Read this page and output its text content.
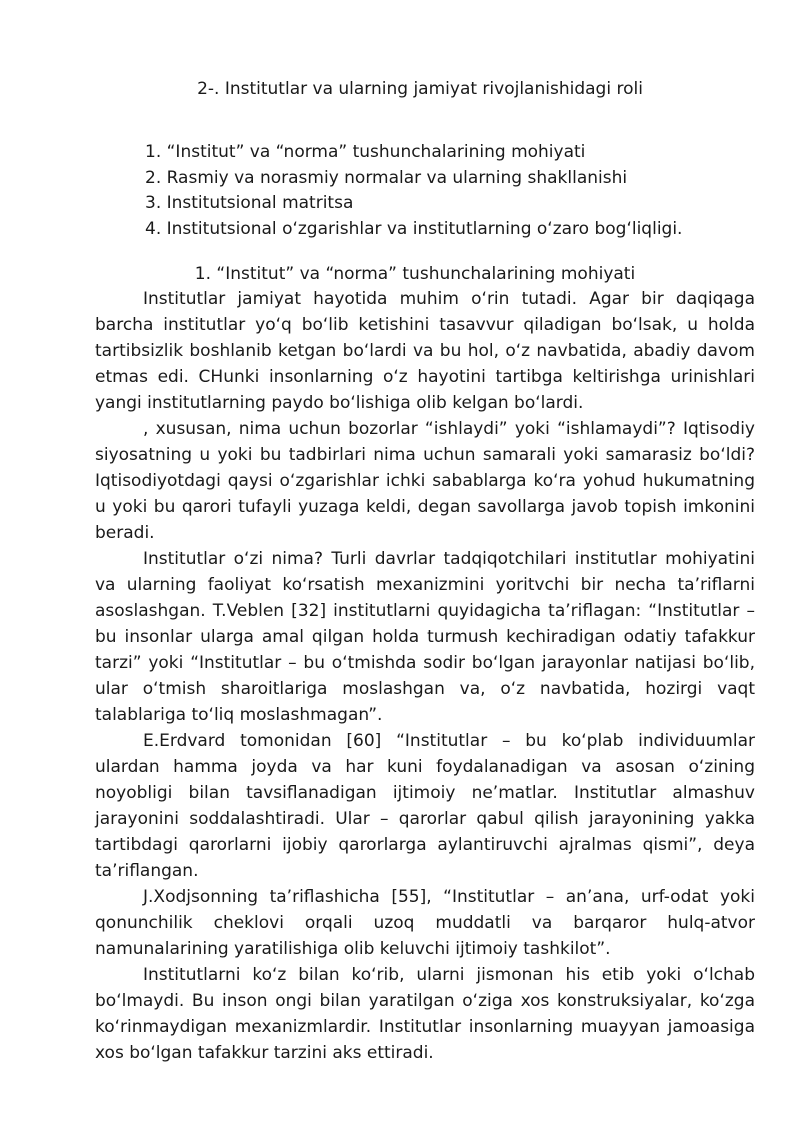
2-. Institutlar va ularning jamiyat rivojlanishidagi roli
1. “Institut” va “norma” tushunchalarining mohiyati
2. Rasmiy va norasmiy normalar va ularning shakllanishi
3. Institutsional matritsa
4. Institutsional o‘zgarishlar va institutlarning o‘zaro bog‘liqligi.
1. “Institut” va “norma” tushunchalarining mohiyati

Institutlar jamiyat hayotida muhim o‘rin tutadi. Agar bir daqiqaga barcha institutlar yo‘q bo‘lib ketishini tasavvur qiladigan bo‘lsak, u holda tartibsizlik boshlanib ketgan bo‘lardi va bu hol, o‘z navbatida, abadiy davom etmas edi. CHunki insonlarning o‘z hayotini tartibga keltirishga urinishlari yangi institutlarning paydo bo‘lishiga olib kelgan bo‘lardi.

, xususan, nima uchun bozorlar “ishlaydi” yoki “ishlamaydi”? Iqtisodiy siyosatning u yoki bu tadbirlari nima uchun samarali yoki samarasiz bo‘ldi? Iqtisodiyotdagi qaysi o‘zgarishlar ichki sabablarga ko‘ra yohud hukumatning u yoki bu qarori tufayli yuzaga keldi, degan savollarga javob topish imkonini beradi.

Institutlar o‘zi nima? Turli davrlar tadqiqotchilari institutlar mohiyatini va ularning faoliyat ko‘rsatish mexanizmini yoritvchi bir necha ta’riflarni asoslashgan. T.Veblen [32] institutlarni quyidagicha ta’riflagan: “Institutlar – bu insonlar ularga amal qilgan holda turmush kechiradigan odatiy tafakkur tarzi” yoki “Institutlar – bu o‘tmishda sodir bo‘lgan jarayonlar natijasi bo‘lib, ular o‘tmish sharoitlariga moslashgan va, o‘z navbatida, hozirgi vaqt talablariga to‘liq moslashmagan”.

E.Erdvard tomonidan [60] “Institutlar – bu ko‘plab individuumlar ulardan hamma joyda va har kuni foydalanadigan va asosan o‘zining noyobligi bilan tavsiflanadigan ijtimoiy ne’matlar. Institutlar almashuv jarayonini soddalashtiradi. Ular – qarorlar qabul qilish jarayonining yakka tartibdagi qarorlarni ijobiy qarorlarga aylantiruvchi ajralmas qismi”, deya ta’riflangan.

J.Xodjsonning ta’riflashicha [55], “Institutlar – an’ana, urf-odat yoki qonunchilik cheklovi orqali uzoq muddatli va barqaror hulq-atvor namunalarining yaratilishiga olib keluvchi ijtimoiy tashkilot”.

Institutlarni ko‘z bilan ko‘rib, ularni jismonan his etib yoki o‘lchab bo‘lmaydi. Bu inson ongi bilan yaratilgan o‘ziga xos konstruksiyalar, ko‘zga ko‘rinmaydigan mexanizmlardir. Institutlar insonlarning muayyan jamoasiga xos bo‘lgan tafakkur tarzini aks ettiradi.
